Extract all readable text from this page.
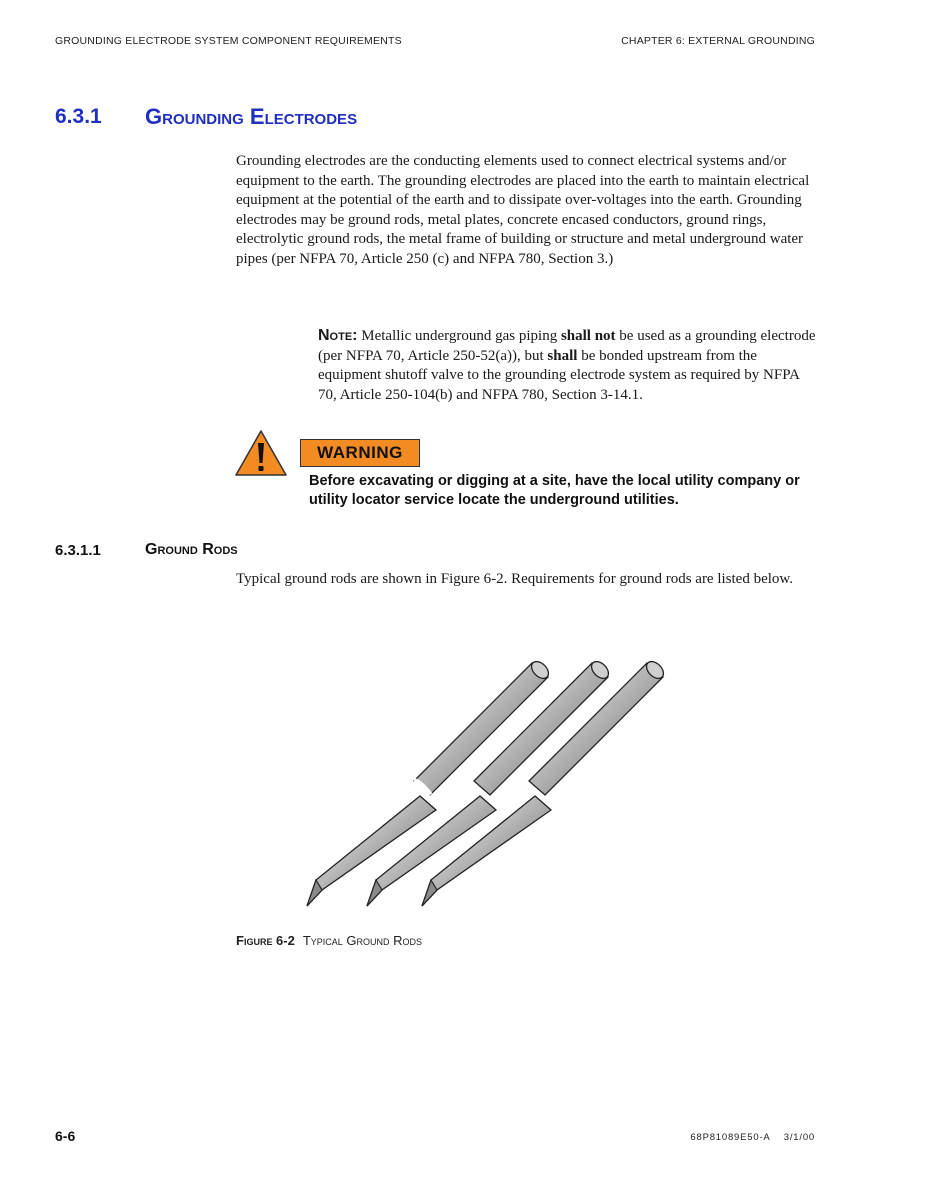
GROUNDING ELECTRODE SYSTEM COMPONENT REQUIREMENTS	CHAPTER 6: EXTERNAL GROUNDING
6.3.1 Grounding Electrodes
Grounding electrodes are the conducting elements used to connect electrical systems and/or equipment to the earth. The grounding electrodes are placed into the earth to maintain electrical equipment at the potential of the earth and to dissipate over-voltages into the earth. Grounding electrodes may be ground rods, metal plates, concrete encased conductors, ground rings, electrolytic ground rods, the metal frame of building or structure and metal underground water pipes (per NFPA 70, Article 250 (c) and NFPA 780, Section 3.)
Note: Metallic underground gas piping shall not be used as a grounding electrode (per NFPA 70, Article 250-52(a)), but shall be bonded upstream from the equipment shutoff valve to the grounding electrode system as required by NFPA 70, Article 250-104(b) and NFPA 780, Section 3-14.1.
WARNING
Before excavating or digging at a site, have the local utility company or utility locator service locate the underground utilities.
6.3.1.1	Ground Rods
Typical ground rods are shown in Figure 6-2. Requirements for ground rods are listed below.
Figure 6-2 Typical Ground Rods
6-6	68P81089E50-A    3/1/00
